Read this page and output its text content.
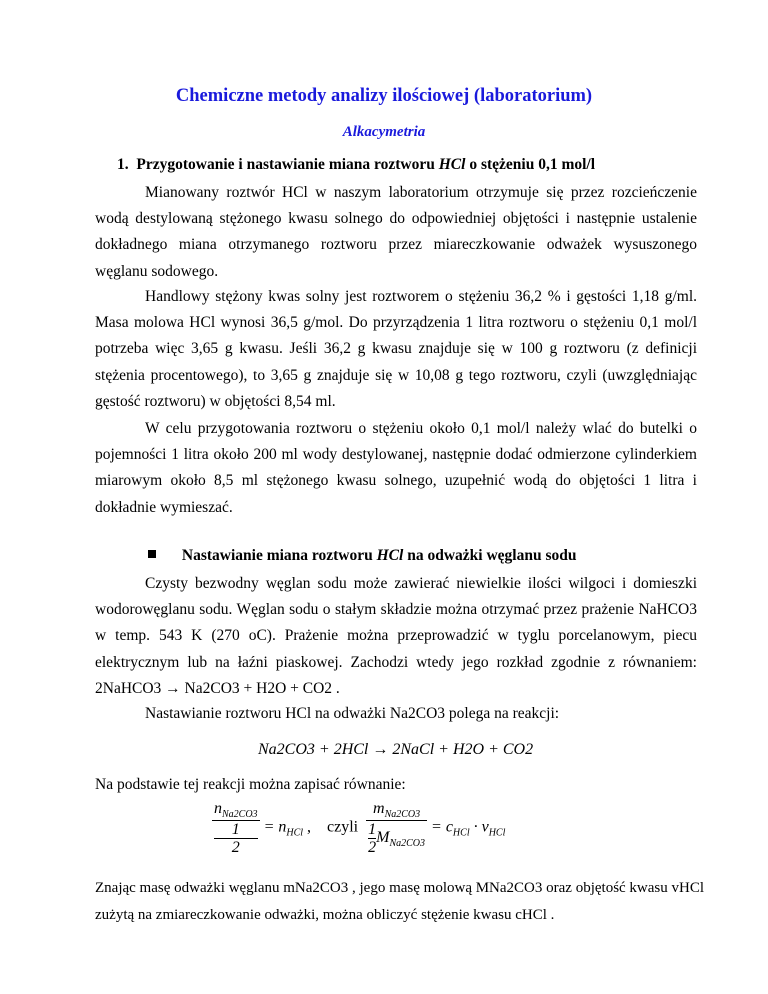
Chemiczne metody analizy ilościowej (laboratorium)
Alkacymetria
1. Przygotowanie i nastawianie miana roztworu HCl o stężeniu 0,1 mol/l

Mianowany roztwór HCl w naszym laboratorium otrzymuje się przez rozcieńczenie wodą destylowaną stężonego kwasu solnego do odpowiedniej objętości i następnie ustalenie dokładnego miana otrzymanego roztworu przez miareczkowanie odważek wysuszonego węglanu sodowego.

Handlowy stężony kwas solny jest roztworem o stężeniu 36,2 % i gęstości 1,18 g/ml. Masa molowa HCl wynosi 36,5 g/mol. Do przyrządzenia 1 litra roztworu o stężeniu 0,1 mol/l potrzeba więc 3,65 g kwasu. Jeśli 36,2 g kwasu znajduje się w 100 g roztworu (z definicji stężenia procentowego), to 3,65 g znajduje się w 10,08 g tego roztworu, czyli (uwzględniając gęstość roztworu) w objętości 8,54 ml.

W celu przygotowania roztworu o stężeniu około 0,1 mol/l należy wlać do butelki o pojemności 1 litra około 200 ml wody destylowanej, następnie dodać odmierzone cylinderkiem miarowym około 8,5 ml stężonego kwasu solnego, uzupełnić wodą do objętości 1 litra i dokładnie wymieszać.

Nastawianie miana roztworu HCl na odważki węglanu sodu

Czysty bezwodny węglan sodu może zawierać niewielkie ilości wilgoci i domieszki wodorowęglanu sodu. Węglan sodu o stałym składzie można otrzymać przez prażenie NaHCO3 w temp. 543 K (270 oC). Prażenie można przeprowadzić w tyglu porcelanowym, piecu elektrycznym lub na łaźni piaskowej. Zachodzi wtedy jego rozkład zgodnie z równaniem: 2NaHCO3 → Na2CO3 + H2O + CO2 .

Nastawianie roztworu HCl na odważki Na2CO3 polega na reakcji:
Na2CO3 + 2HCl → 2NaCl + H2O + CO2
Na podstawie tej reakcji można zapisać równanie:
$n_{Na2CO3}$
1
$2 = n_{HCl}$ ,    czyli $\frac{m_{Na2CO3}}{\frac{1}{2} M_{Na2CO3}} = c_{HCl} \cdot v_{HCl}$
Znając masę odważki węglanu mNa2CO3 , jego masę molową MNa2CO3 oraz objętość kwasu vHCl
zużytą na zmiareczkowanie odważki, można obliczyć stężenie kwasu cHCl .
